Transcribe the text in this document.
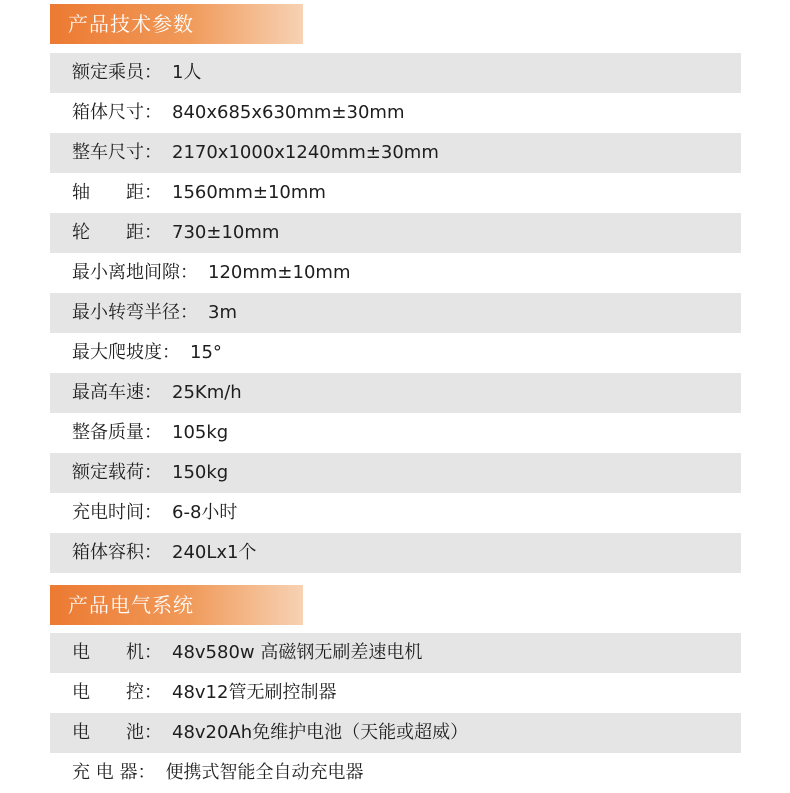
产品技术参数
额定乘员： 1人
箱体尺寸： 840x685x630mm±30mm
整车尺寸： 2170x1000x1240mm±30mm
轴　　距： 1560mm±10mm
轮　　距： 730±10mm
最小离地间隙： 120mm±10mm
最小转弯半径： 3m
最大爬坡度： 15°
最高车速： 25Km/h
整备质量： 105kg
额定载荷： 150kg
充电时间： 6-8小时
箱体容积： 240Lx1个
产品电气系统
电　　机： 48v580w 高磁钢无刷差速电机
电　　控： 48v12管无刷控制器
电　　池： 48v20Ah免维护电池（天能或超威）
充 电 器： 便携式智能全自动充电器
